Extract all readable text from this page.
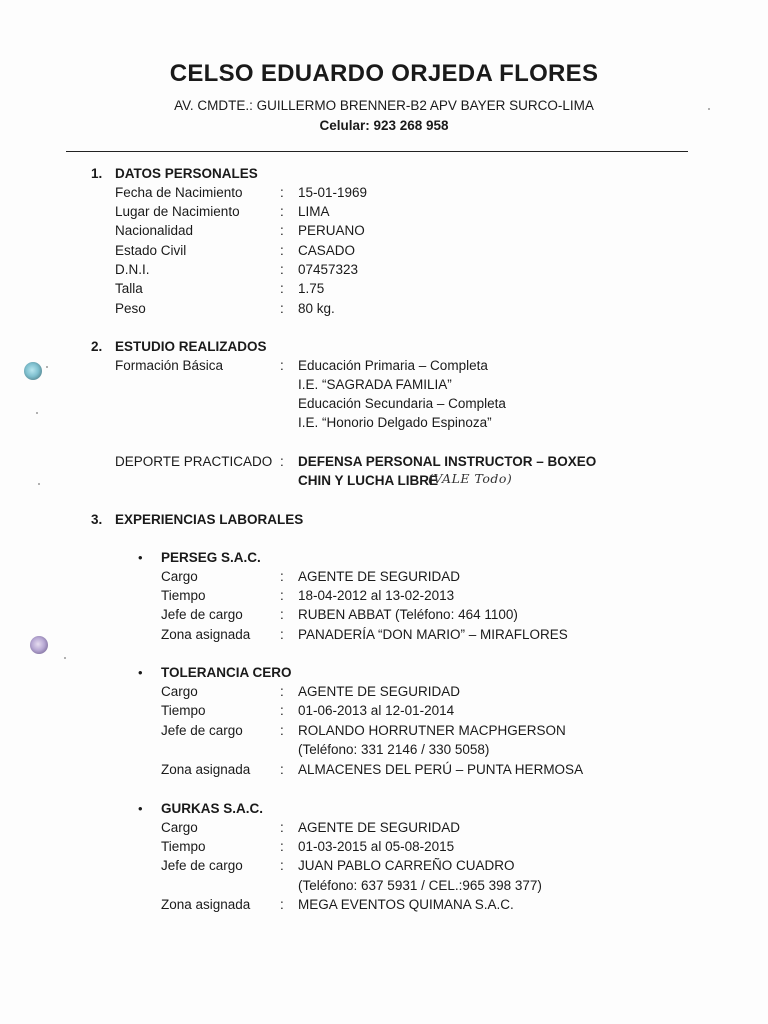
CELSO EDUARDO ORJEDA FLORES
AV. CMDTE.: GUILLERMO BRENNER-B2 APV BAYER SURCO-LIMA
Celular: 923 268 958
1. DATOS PERSONALES
Fecha de Nacimiento	: 15-01-1969
Lugar de Nacimiento	: LIMA
Nacionalidad	: PERUANO
Estado Civil	: CASADO
D.N.I.	: 07457323
Talla	: 1.75
Peso	: 80 kg.
2. ESTUDIO REALIZADOS
Formación Básica	: Educación Primaria – Completa
I.E. “SAGRADA FAMILIA”
Educación Secundaria – Completa
I.E. “Honorio Delgado Espinoza”
DEPORTE PRACTICADO : DEFENSA PERSONAL INSTRUCTOR – BOXEO
CHIN Y LUCHA LIBRE
(VALE Todo)
3. EXPERIENCIAS LABORALES
• PERSEG S.A.C.
Cargo	: AGENTE DE SEGURIDAD
Tiempo	: 18-04-2012 al 13-02-2013
Jefe de cargo	: RUBEN ABBAT (Teléfono: 464 1100)
Zona asignada : PANADERÍA “DON MARIO” – MIRAFLORES
• TOLERANCIA CERO
Cargo	: AGENTE DE SEGURIDAD
Tiempo	: 01-06-2013 al 12-01-2014
Jefe de cargo	: ROLANDO HORRUTNER MACPHGERSON
(Teléfono: 331 2146 / 330 5058)
Zona asignada : ALMACENES DEL PERÚ – PUNTA HERMOSA
• GURKAS S.A.C.
Cargo	: AGENTE DE SEGURIDAD
Tiempo	: 01-03-2015 al 05-08-2015
Jefe de cargo	: JUAN PABLO CARREÑO CUADRO
(Teléfono: 637 5931 / CEL.:965 398 377)
Zona asignada : MEGA EVENTOS QUIMANA S.A.C.
